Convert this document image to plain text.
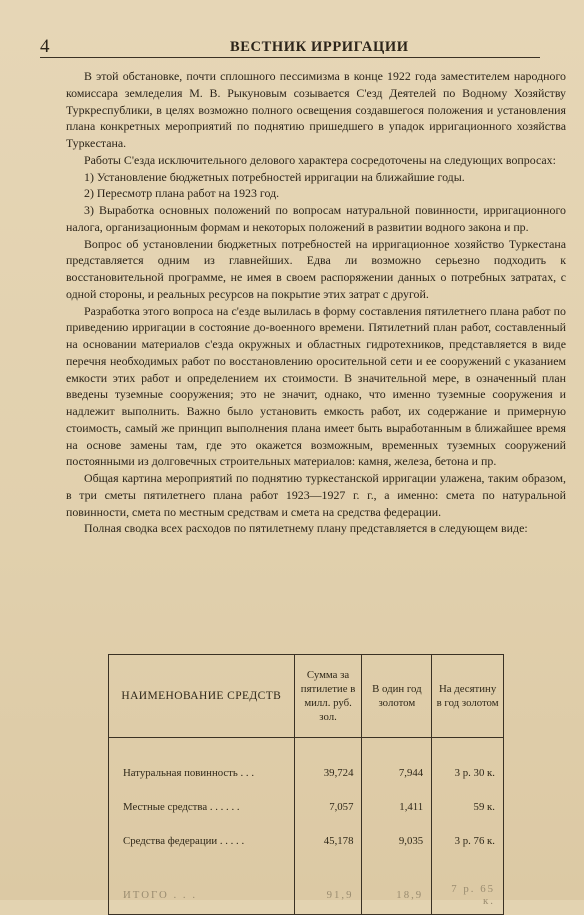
4	ВЕСТНИК ИРРИГАЦИИ

В этой обстановке, почти сплошного пессимизма в конце 1922 года заместителем народного комиссара земледелия М. В. Рыкуновым созывается С'езд Деятелей по Водному Хозяйству Туркреспублики, в целях возможно полного освещения создавшегося положения и установления плана конкретных мероприятий по поднятию пришедшего в упадок ирригационного хозяйства Туркестана.

Работы С'езда исключительного делового характера сосредоточены на следующих вопросах:

1) Установление бюджетных потребностей ирригации на ближайшие годы.

2) Пересмотр плана работ на 1923 год.

3) Выработка основных положений по вопросам натуральной повинности, ирригационного налога, организационным формам и некоторых положений в развитии водного закона и пр.

Вопрос об установлении бюджетных потребностей на ирригационное хозяйство Туркестана представляется одним из главнейших. Едва ли возможно серьезно подходить к восстановительной программе, не имея в своем распоряжении данных о потребных затратах, с одной стороны, и реальных ресурсов на покрытие этих затрат с другой.

Разработка этого вопроса на с'езде вылилась в форму составления пятилетнего плана работ по приведению ирригации в состояние до-военного времени. Пятилетний план работ, составленный на основании материалов с'езда окружных и областных гидротехников, представляется в виде перечня необходимых работ по восстановлению оросительной сети и ее сооружений с указанием емкости этих работ и определением их стоимости. В значительной мере, в означенный план введены туземные сооружения; это не значит, однако, что именно туземные сооружения и надлежит выполнить. Важно было установить емкость работ, их содержание и примерную стоимость, самый же принцип выполнения плана имеет быть выработанным в ближайшее время на основе замены там, где это окажется возможным, временных туземных сооружений постоянными из долговечных строительных материалов: камня, железа, бетона и пр.

Общая картина мероприятий по поднятию туркестанской ирригации улажена, таким образом, в три сметы пятилетнего плана работ 1923—1927 г. г., а именно: смета по натуральной повинности, смета по местным средствам и смета на средства федерации.

Полная сводка всех расходов по пятилетнему плану представляется в следующем виде:

НАИМЕНОВАНИЕ СРЕДСТВ	Сумма за пятилетие в милл. руб. зол.	В один год золотом	На десятину в год золотом

Натуральная повинность . . .	39,724	7,944	3 р. 30 к.
Местные средства . . . . . .	7,057	1,411	59 к.
Средства федерации . . . . .	45,178	9,035	3 р. 76 к.

ИТОГО . . .	91,9	18,9	7 р. 65 к.
